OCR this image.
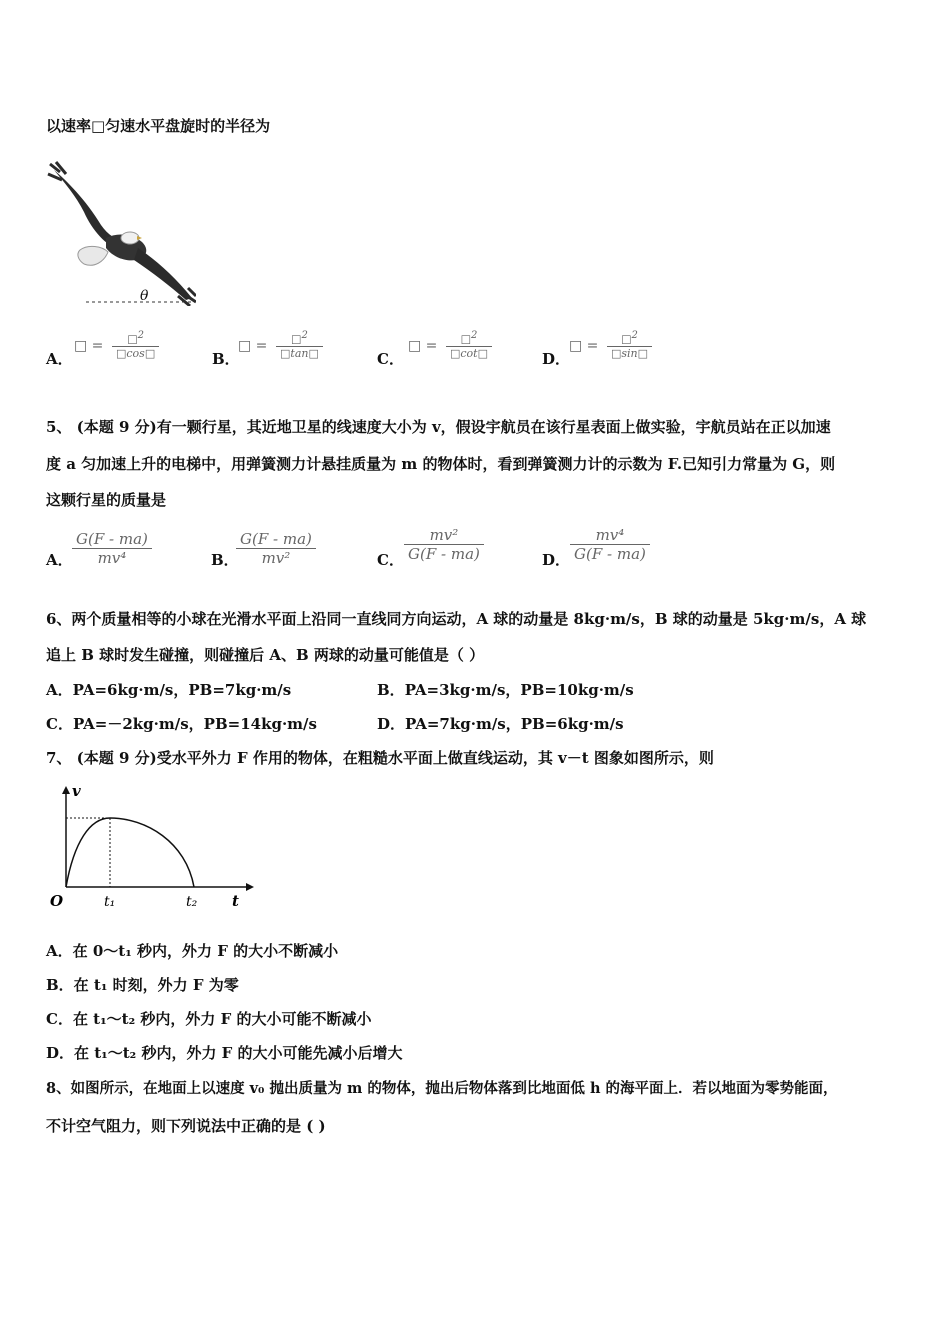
以速率□匀速水平盘旋时的半径为
θ
A．
□ = $\frac{□^2}{□\cos□}$	B．
□ = $\frac{□^2}{□\tan□}$	C．
□ = $\frac{□^2}{□\cot□}$	D．
□ = $\frac{□^2}{□\sin□}$
5、 (本题 9 分)有一颗行星，其近地卫星的线速度大小为 v，假设宇航员在该行星表面上做实验，宇航员站在正以加速
度 a 匀加速上升的电梯中，用弹簧测力计悬挂质量为 m 的物体时，看到弹簧测力计的示数为 F.已知引力常量为 G，则
这颗行星的质量是
A． $\frac{G(F - ma)}{\text{mv⁴}}$	B．
$\frac{G(F - ma)}{\text{mv²}}$	C． $\frac{\text{mv²}}{G(F - ma)}$	D． $\frac{\text{mv⁴}}{G(F - ma)}$
6、两个质量相等的小球在光滑水平面上沿同一直线同方向运动，A 球的动量是 8kg·m/s，B 球的动量是 5kg·m/s，A 球
追上 B 球时发生碰撞，则碰撞后 A、B 两球的动量可能值是（ ）
A．PA=6kg·m/s，PB=7kg·m/s	B．PA=3kg·m/s，PB=10kg·m/s
C．PA=－2kg·m/s，PB=14kg·m/s	D．PA=7kg·m/s，PB=6kg·m/s
7、 (本题 9 分)受水平外力 F 作用的物体，在粗糙水平面上做直线运动，其 v－t 图象如图所示，则
v
O	t₁	t₂ t
A．在 0～t₁ 秒内，外力 F 的大小不断减小
B．在 t₁ 时刻，外力 F 为零
C．在 t₁～t₂ 秒内，外力 F 的大小可能不断减小
D．在 t₁～t₂ 秒内，外力 F 的大小可能先减小后增大
8、如图所示，在地面上以速度 v₀ 抛出质量为 m 的物体，抛出后物体落到比地面低 h 的海平面上．若以地面为零势能面，
不计空气阻力，则下列说法中正确的是 ( )
